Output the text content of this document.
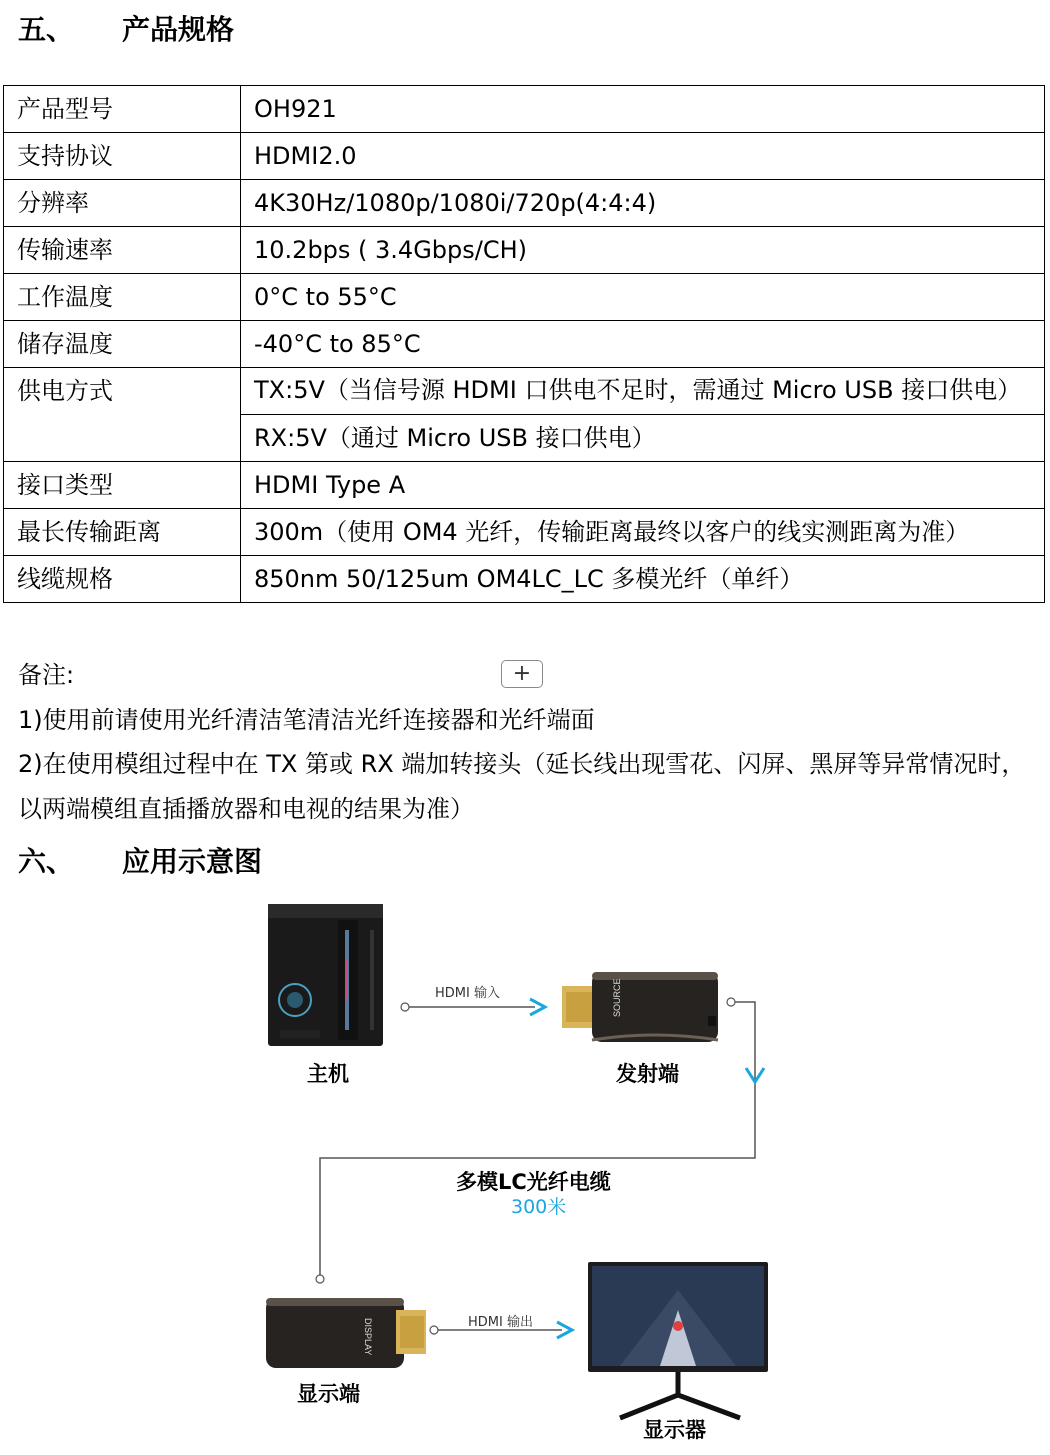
五、 产品规格
产品型号	OH921
支持协议	HDMI2.0
分辨率	4K30Hz/1080p/1080i/720p(4:4:4)
传输速率	10.2bps ( 3.4Gbps/CH)
工作温度	0°C to 55°C
储存温度	-40°C to 85°C
供电方式	TX:5V（当信号源 HDMI 口供电不足时，需通过 Micro USB 接口供电）
	RX:5V（通过 Micro USB 接口供电）
接口类型	HDMI Type A
最长传输距离	300m（使用 OM4 光纤，传输距离最终以客户的线实测距离为准）
线缆规格	850nm 50/125um OM4LC_LC 多模光纤（单纤）
备注:	+
1)使用前请使用光纤清洁笔清洁光纤连接器和光纤端面
2)在使用模组过程中在 TX 第或 RX 端加转接头（延长线出现雪花、闪屏、黑屏等异常情况时，以两端模组直插播放器和电视的结果为准）
六、 应用示意图
SOURCE
DISPLAY
HDMI 输入
主机	发射端
多模LC光纤电缆
300米
HDMI 输出
显示端
显示器
